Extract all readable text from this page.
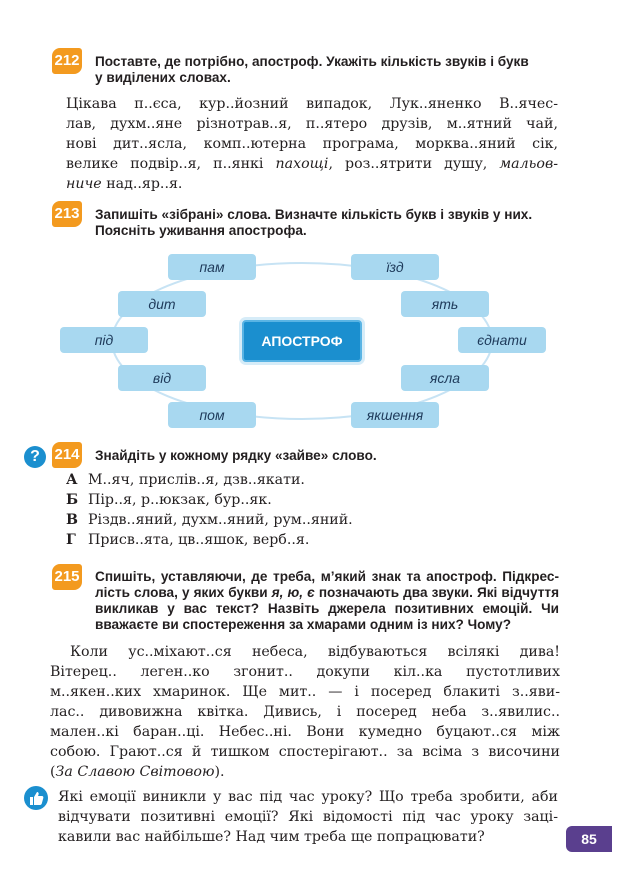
212 Поставте, де потрібно, апостроф. Укажіть кількість звуків і букв
у виділених словах.
Цікава п..єса, кур..йозний випадок, Лук..яненко В..ячес-
лав, духм..яне різнотрав..я, п..ятеро друзів, м..ятний чай,
нові дит..ясла, комп..ютерна програма, морква..яний сік,
велике подвір..я, п..янкі пахощі, роз..ятрити душу, мальов-
ниче над..яр..я.
213 Запишіть «зібрані» слова. Визначте кількість букв і звуків у них.
Поясніть уживання апострофа.
пам
дит
під
від
пом
їзд
ять
єднати
ясла
якшення
АПОСТРОФ
? 214 Знайдіть у кожному рядку «зайве» слово.
А М..яч, прислів..я, дзв..якати.
Б Пір..я, р..юкзак, бур..як.
В Різдв..яний, духм..яний, рум..яний.
Г Присв..ята, цв..яшок, верб..я.
215 Спишіть, уставляючи, де треба, м’який знак та апостроф. Підкрес-
лість слова, у яких букви я, ю, є позначають два звуки. Які відчуття
викликав у вас текст? Назвіть джерела позитивних емоцій. Чи
вважаєте ви спостереження за хмарами одним із них? Чому?
Коли ус..міхают..ся небеса, відбуваються всілякі дива!
Вітерец.. леген..ко згонит.. докупи кіл..ка пустотливих
м..якен..ких хмаринок. Ще мит.. — і посеред блакиті з..яви-
лас.. дивовижна квітка. Дивись, і посеред неба з..явилис..
мален..кі баран..ці. Небес..ні. Вони кумедно буцают..ся між
собою. Грают..ся й тишком спостерігают.. за всіма з височини
(За Славою Світовою).
Які емоції виникли у вас під час уроку? Що треба зробити, аби
відчувати позитивні емоції? Які відомості під час уроку заці-
кавили вас найбільше? Над чим треба ще попрацювати?	85
